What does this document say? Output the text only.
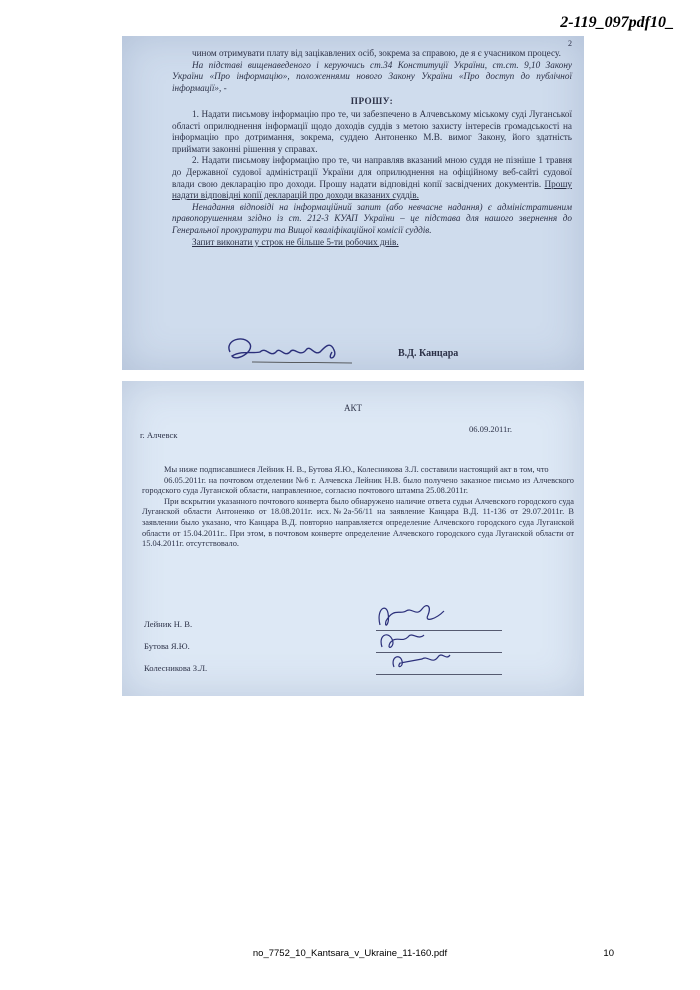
2-119_097pdf10_
2

чином отримувати плату від зацікавлених осіб, зокрема за справою, де я є учасником процесу.

На підставі вищенаведеного і керуючись ст.34 Конституції України, ст.ст. 9,10 Закону України «Про інформацію», положеннями нового Закону України «Про доступ до публічної інформації», -

ПРОШУ:

1. Надати письмову інформацію про те, чи забезпечено в Алчевському міському суді Луганської області оприлюднення інформації щодо доходів суддів з метою захисту інтересів громадськості на інформацію про дотримання, зокрема, суддею Антоненко М.В. вимог Закону, його здатність приймати законні рішення у справах.

2. Надати письмову інформацію про те, чи направляв вказаний мною суддя не пізніше 1 травня до Державної судової адміністрації України для оприлюднення на офіційному веб-сайті судової влади свою декларацію про доходи. Прошу надати відповідні копії засвідчених документів. Прошу надати відповідні копії декларацій про доходи вказаних суддів.

Ненадання відповіді на інформаційний запит (або невчасне надання) є адміністративним правопорушенням згідно із ст. 212-3 КУАП України – це підстава для нашого звернення до Генеральної прокуратури та Вищої кваліфікаційної комісії суддів.

Запит виконати у строк не більше 5-ти робочих днів.

В.Д. Канцара
АКТ
06.09.2011г.
г. Алчевск

Мы ниже подписавшиеся Лейник Н. В., Бутова Я.Ю., Колесникова З.Л. составили настоящий акт в том, что

06.05.2011г. на почтовом отделении №6 г. Алчевска Лейник Н.В. было получено заказное письмо из Алчевского городского суда Луганской области, направленное, согласно почтового штампа 25.08.2011г.

При вскрытии указанного почтового конверта было обнаружено наличие ответа судьи Алчевского городского суда Луганской области Антоненко от 18.08.2011г. исх.№2а-56/11 на заявление Канцара В.Д. 11-136 от 29.07.2011г. В заявлении было указано, что Канцара В.Д. повторно направляется определение Алчевского городского суда Луганской области от 15.04.2011г.. При этом, в почтовом конверте определение Алчевского городского суда Луганской области от 15.04.2011г. отсутствовало.

Лейник Н. В.
Бутова Я.Ю.
Колесникова З.Л.
no_7752_10_Kantsara_v_Ukraine_11-160.pdf	10
